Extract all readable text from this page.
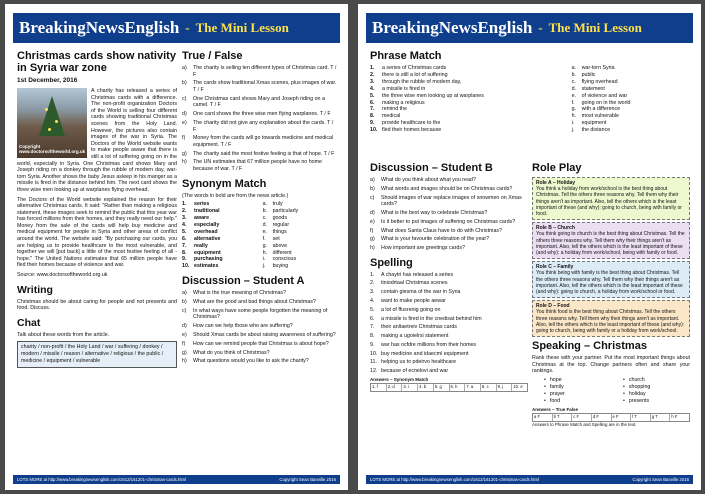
BreakingNewsEnglish - The Mini Lesson
Christmas cards show nativity in Syria war zone
1st December, 2016
Copyright www.doctorsoftheworld.org.uk

A charity has released a series of Christmas cards with a difference. The non-profit organization Doctors of the World is selling four different cards showing traditional Christmas scenes from the Holy Land. However, the pictures also contain images of the war in Syria. The Doctors of the World website wants to make people aware that there is still a lot of suffering going on in the world, especially in Syria. One Christmas card shows Mary and Joseph riding on a donkey through the rubble of modern day, war-torn Syria. Another shows the baby Jesus asleep in his manger as a missile is fired in the distance behind him. The next card shows the three wise men looking up at warplanes flying overhead.

The Doctors of the World website explained the reason for their alternative Christmas cards. It said: "Rather than making a religious statement, these images seek to remind the public that this year war has forced millions from their homes, and they really need our help." Money from the sale of the cards will help buy medicine and medical equipment for people in Syria and other areas of conflict around the world. The website said: "By purchasing our cards, you are helping us to provide healthcare to the most vulnerable, and together we will [put back] a little of the most festive feeling of all - hope." The United Nations estimates that 65 million people have fled their homes because of violence and war.

Source: www.doctorsoftheworld.org.uk
Writing
Christmas should be about caring for people and not presents and food. Discuss.
Chat
Talk about these words from the article.
charity / non-profit / the Holy Land / war / suffering / donkey / modern / missile / reason / alternative / religious / the public / medicine / equipment / vulnerable
True / False
a)	The charity is selling ten different types of Christmas card. T / F
b)	The cards show traditional Xmas scenes, plus images of war. T / F
c)	One Christmas card shows Mary and Joseph riding on a camel. T / F
d)	One card shows the three wise men flying warplanes. T / F
e)	The charity did not give any explanation about the cards. T / F
f)	Money from the cards will go towards medicine and medical equipment. T / F
g)	The charity said the most festive feeling is that of hope. T / F
h)	The UN estimates that 67 million people have no home because of war. T / F
Synonym Match
(The words in bold are from the news article.)
1.	series	a.	truly
2.	traditional	b.	particularly
3.	aware	c.	goods
4.	especially	d.	regular
5.	overhead	e.	things
6.	alternative	f.	set
7.	really	g.	above
8.	equipment	h.	different
9.	purchasing	i.	conscious
10. estimates	j.	buying
Discussion – Student A
a)	What is the true meaning of Christmas?
b)	What are the good and bad things about Christmas?
c)	In what ways have some people forgotten the meaning of Christmas?
d)	How can we help those who are suffering?
e)	Should Xmas cards be about raising awareness of suffering?
f)	How can we remind people that Christmas is about hope?
g)	What do you think of Christmas?
h)	What questions would you like to ask the charity?
LOTS MORE at http://www.breakingnewsenglish.com/1612/161201-christmas-cards.html	Copyright Sean Banville 2016
BreakingNewsEnglish - The Mini Lesson
Phrase Match
1.	a series of Christmas cards	a.	war-torn Syria
2.	there is still a lot of suffering	b.	public
3.	through the rubble of modern day,	c.	flying overhead
4.	a missile is fired in	d.	statement
5.	the three wise men looking up at warplanes	e.	of violence and war
6.	making a religious	f.	going on in the world
7.	remind the	g.	with a difference
8.	medical	h.	most vulnerable
9.	provide healthcare to the	i.	equipment
10. fled their homes because	j.	the distance
Discussion – Student B
a)	What do you think about what you read?
b)	What words and images should be on Christmas cards?
c)	Should images of war replace images of snowmen on Xmas cards?
d)	What is the best way to celebrate Christmas?
e)	Is it better to put images of suffering on Christmas cards?
f)	What does Santa Claus have to do with Christmas?
g)	What is your favourite celebration of the year?
h)	How important are greetings cards?
Spelling
1.	A chaytri has released a series
2.	tiniodrtaal Christmas scenes
3.	contain giesma of the war in Syria
4.	want to make people aewar
5.	a lot of ffusrenig going on
6.	a missile is fired in the cnedisat behind him
7.	their anltaetreiv Christmas cards
8.	making a ugoielrsi statement
9.	war has ocfdre millions from their homes
10. buy medicine and idaecml equipment
11. helping us to pdeirvo healthcare
12. because of ecnelovi and war
Answers – Synonym Match
1. f	2. d	3. i	4. b	5. g	6. h	7. a	8. c	9. j	10. e
Role Play
Role A – Holiday
You think a holiday from work/school is the best thing about Christmas. Tell the others three reasons why. Tell them why their things aren't as important. Also, tell the others which is the least important of these (and why): going to church, being with family or food.
Role B – Church
You think going to church is the best thing about Christmas. Tell the others three reasons why. Tell them why their things aren't as important. Also, tell the others which is the least important of these (and why): a holiday from work/school, being with family or food.
Role C – Family
You think being with family is the best thing about Christmas. Tell the others three reasons why. Tell them why their things aren't as important. Also, tell the others which is the least important of these (and why): going to church, a holiday from work/school or food.
Role D – Food
You think food is the best thing about Christmas. Tell the others three reasons why. Tell them why their things aren't as important. Also, tell the others which is the least important of these (and why): going to church, being with family or a holiday from work/school.
Speaking – Christmas
Rank these with your partner. Put the most important things about Christmas at the top. Change partners often and share your rankings.
• hope	• church
• family	• shopping
• prayer	• holiday
• food	• presents
Answers – True False
a F	b T	c F	d F	e F	f T	g T	h F
Answers to Phrase Match and Spelling are in the text.
LOTS MORE at http://www.breakingnewsenglish.com/1612/161201-christmas-cards.html	Copyright Sean Banville 2016
